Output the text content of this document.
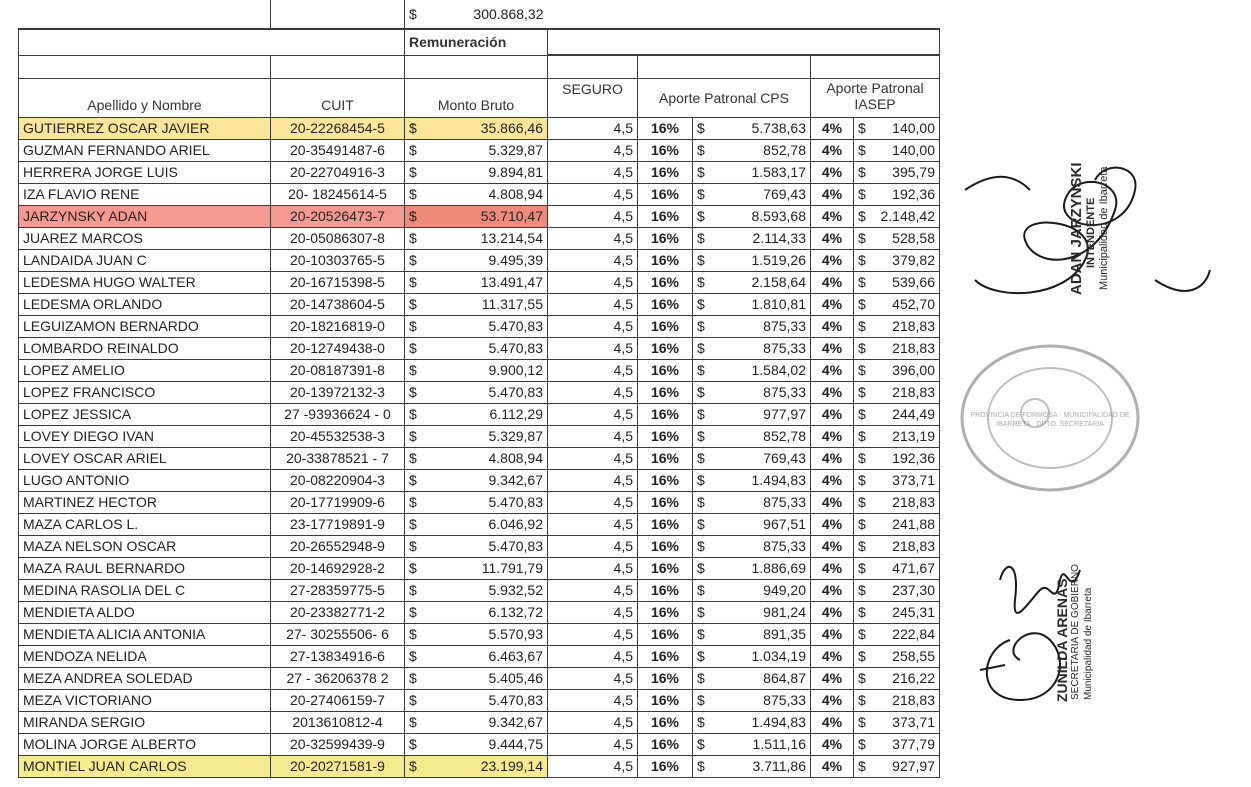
		$ 300.868,32					

		Remuneración					

Apellido y Nombre	CUIT	Monto Bruto	SEGURO	Aporte Patronal CPS		Aporte Patronal
IASEP	

GUTIERREZ OSCAR JAVIER	20-22268454-5	$ 35.866,46	4,5	16%	$ 5.738,63	4%	$ 140,00
GUZMAN FERNANDO ARIEL	20-35491487-6	$ 5.329,87	4,5	16%	$ 852,78	4%	$ 140,00
HERRERA JORGE LUIS	20-22704916-3	$ 9.894,81	4,5	16%	$ 1.583,17	4%	$ 395,79
IZA FLAVIO RENE	20- 18245614-5	$ 4.808,94	4,5	16%	$ 769,43	4%	$ 192,36
JARZYNSKY ADAN	20-20526473-7	$ 53.710,47	4,5	16%	$ 8.593,68	4%	$ 2.148,42
JUAREZ MARCOS	20-05086307-8	$ 13.214,54	4,5	16%	$ 2.114,33	4%	$ 528,58
LANDAIDA JUAN C	20-10303765-5	$ 9.495,39	4,5	16%	$ 1.519,26	4%	$ 379,82
LEDESMA HUGO WALTER	20-16715398-5	$ 13.491,47	4,5	16%	$ 2.158,64	4%	$ 539,66
LEDESMA ORLANDO	20-14738604-5	$ 11.317,55	4,5	16%	$ 1.810,81	4%	$ 452,70
LEGUIZAMON BERNARDO	20-18216819-0	$ 5.470,83	4,5	16%	$ 875,33	4%	$ 218,83
LOMBARDO REINALDO	20-12749438-0	$ 5.470,83	4,5	16%	$ 875,33	4%	$ 218,83
LOPEZ AMELIO	20-08187391-8	$ 9.900,12	4,5	16%	$ 1.584,02	4%	$ 396,00
LOPEZ FRANCISCO	20-13972132-3	$ 5.470,83	4,5	16%	$ 875,33	4%	$ 218,83
LOPEZ JESSICA	27 -93936624 - 0	$ 6.112,29	4,5	16%	$ 977,97	4%	$ 244,49
LOVEY DIEGO IVAN	20-45532538-3	$ 5.329,87	4,5	16%	$ 852,78	4%	$ 213,19
LOVEY OSCAR ARIEL	20-33878521 - 7	$ 4.808,94	4,5	16%	$ 769,43	4%	$ 192,36
LUGO ANTONIO	20-08220904-3	$ 9.342,67	4,5	16%	$ 1.494,83	4%	$ 373,71
MARTINEZ HECTOR	20-17719909-6	$ 5.470,83	4,5	16%	$ 875,33	4%	$ 218,83
MAZA CARLOS L.	23-17719891-9	$ 6.046,92	4,5	16%	$ 967,51	4%	$ 241,88
MAZA NELSON OSCAR	20-26552948-9	$ 5.470,83	4,5	16%	$ 875,33	4%	$ 218,83
MAZA RAUL BERNARDO	20-14692928-2	$ 11.791,79	4,5	16%	$ 1.886,69	4%	$ 471,67
MEDINA RASOLIA DEL C	27-28359775-5	$ 5.932,52	4,5	16%	$ 949,20	4%	$ 237,30
MENDIETA ALDO	20-23382771-2	$ 6.132,72	4,5	16%	$ 981,24	4%	$ 245,31
MENDIETA ALICIA ANTONIA	27- 30255506- 6	$ 5.570,93	4,5	16%	$ 891,35	4%	$ 222,84
MENDOZA NELIDA	27-13834916-6	$ 6.463,67	4,5	16%	$ 1.034,19	4%	$ 258,55
MEZA ANDREA SOLEDAD	27 - 36206378 2	$ 5.405,46	4,5	16%	$ 864,87	4%	$ 216,22
MEZA VICTORIANO	20-27406159-7	$ 5.470,83	4,5	16%	$ 875,33	4%	$ 218,83
MIRANDA SERGIO	2013610812-4	$ 9.342,67	4,5	16%	$ 1.494,83	4%	$ 373,71
MOLINA JORGE ALBERTO	20-32599439-9	$ 9.444,75	4,5	16%	$ 1.511,16	4%	$ 377,79
MONTIEL JUAN CARLOS	20-20271581-9	$ 23.199,14	4,5	16%	$ 3.711,86	4%	$ 927,97
ADAN JARZYNSKI INTENDENTE Municipalidad de Ibarreta
PROVINCIA DE FORMOSA · MUNICIPALIDAD DE IBARRETA · DPTO. SECRETARIA
ZUNILDA ARENAS SECRETARIA DE GOBIERNO Municipalidad de Ibarreta
